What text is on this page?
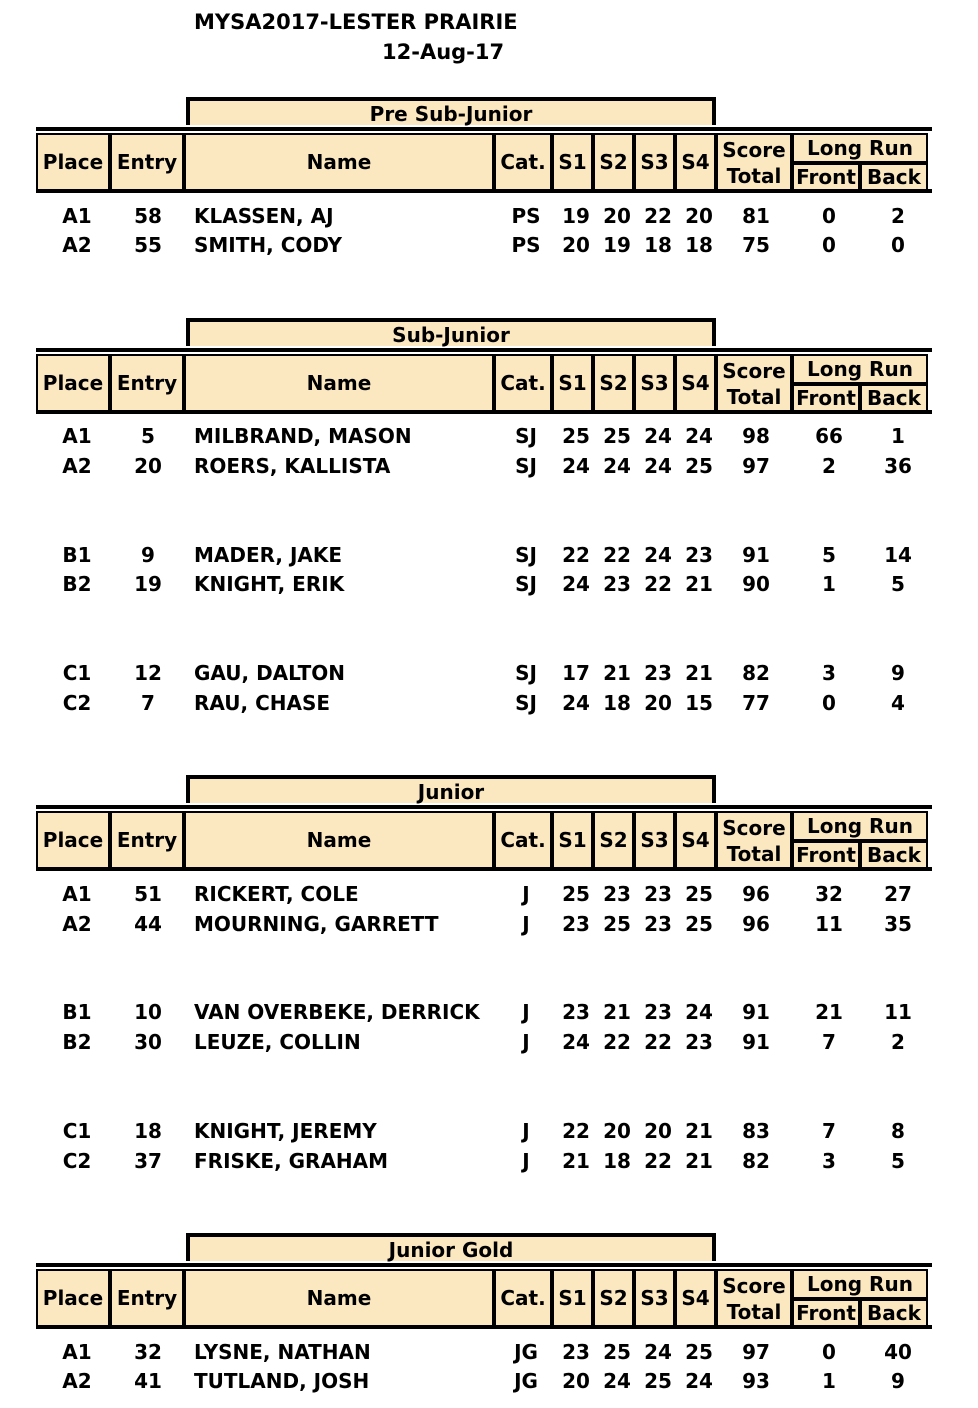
MYSA2017-LESTER PRAIRIE
12-Aug-17
Pre Sub-Junior
Place Entry	Name	Cat. S1 S2 S3 S4 Score
Total
Long Run
Front Back
A1	58	KLASSEN, AJ	PS	19 20 22 20	81	0	2
A2	55	SMITH, CODY	PS	20 19 18 18	75	0	0
Sub-Junior
Place Entry	Name	Cat. S1 S2 S3 S4 Score
Total
Long Run
Front Back
A1	5	MILBRAND, MASON	SJ	25 25 24 24	98	66	1
A2	20	ROERS, KALLISTA	SJ	24 24 24 25	97	2	36
B1	9	MADER, JAKE	SJ	22 22 24 23	91	5	14
B2	19	KNIGHT, ERIK	SJ	24 23 22 21	90	1	5
C1	12	GAU, DALTON	SJ	17 21 23 21	82	3	9
C2	7	RAU, CHASE	SJ	24 18 20 15	77	0	4
Junior
Place Entry	Name	Cat. S1 S2 S3 S4 Score
Total
Long Run
Front Back
A1	51	RICKERT, COLE	J	25 23 23 25	96	32	27
A2	44	MOURNING, GARRETT	J	23 25 23 25	96	11	35
B1	10	VAN OVERBEKE, DERRICK	J	23 21 23 24	91	21	11
B2	30	LEUZE, COLLIN	J	24 22 22 23	91	7	2
C1	18	KNIGHT, JEREMY	J	22 20 20 21	83	7	8
C2	37	FRISKE, GRAHAM	J	21 18 22 21	82	3	5
Junior Gold
Place Entry	Name	Cat. S1 S2 S3 S4 Score
Total
Long Run
Front Back
A1	32	LYSNE, NATHAN	JG	23 25 24 25	97	0	40
A2	41	TUTLAND, JOSH	JG	20 24 25 24	93	1	9
